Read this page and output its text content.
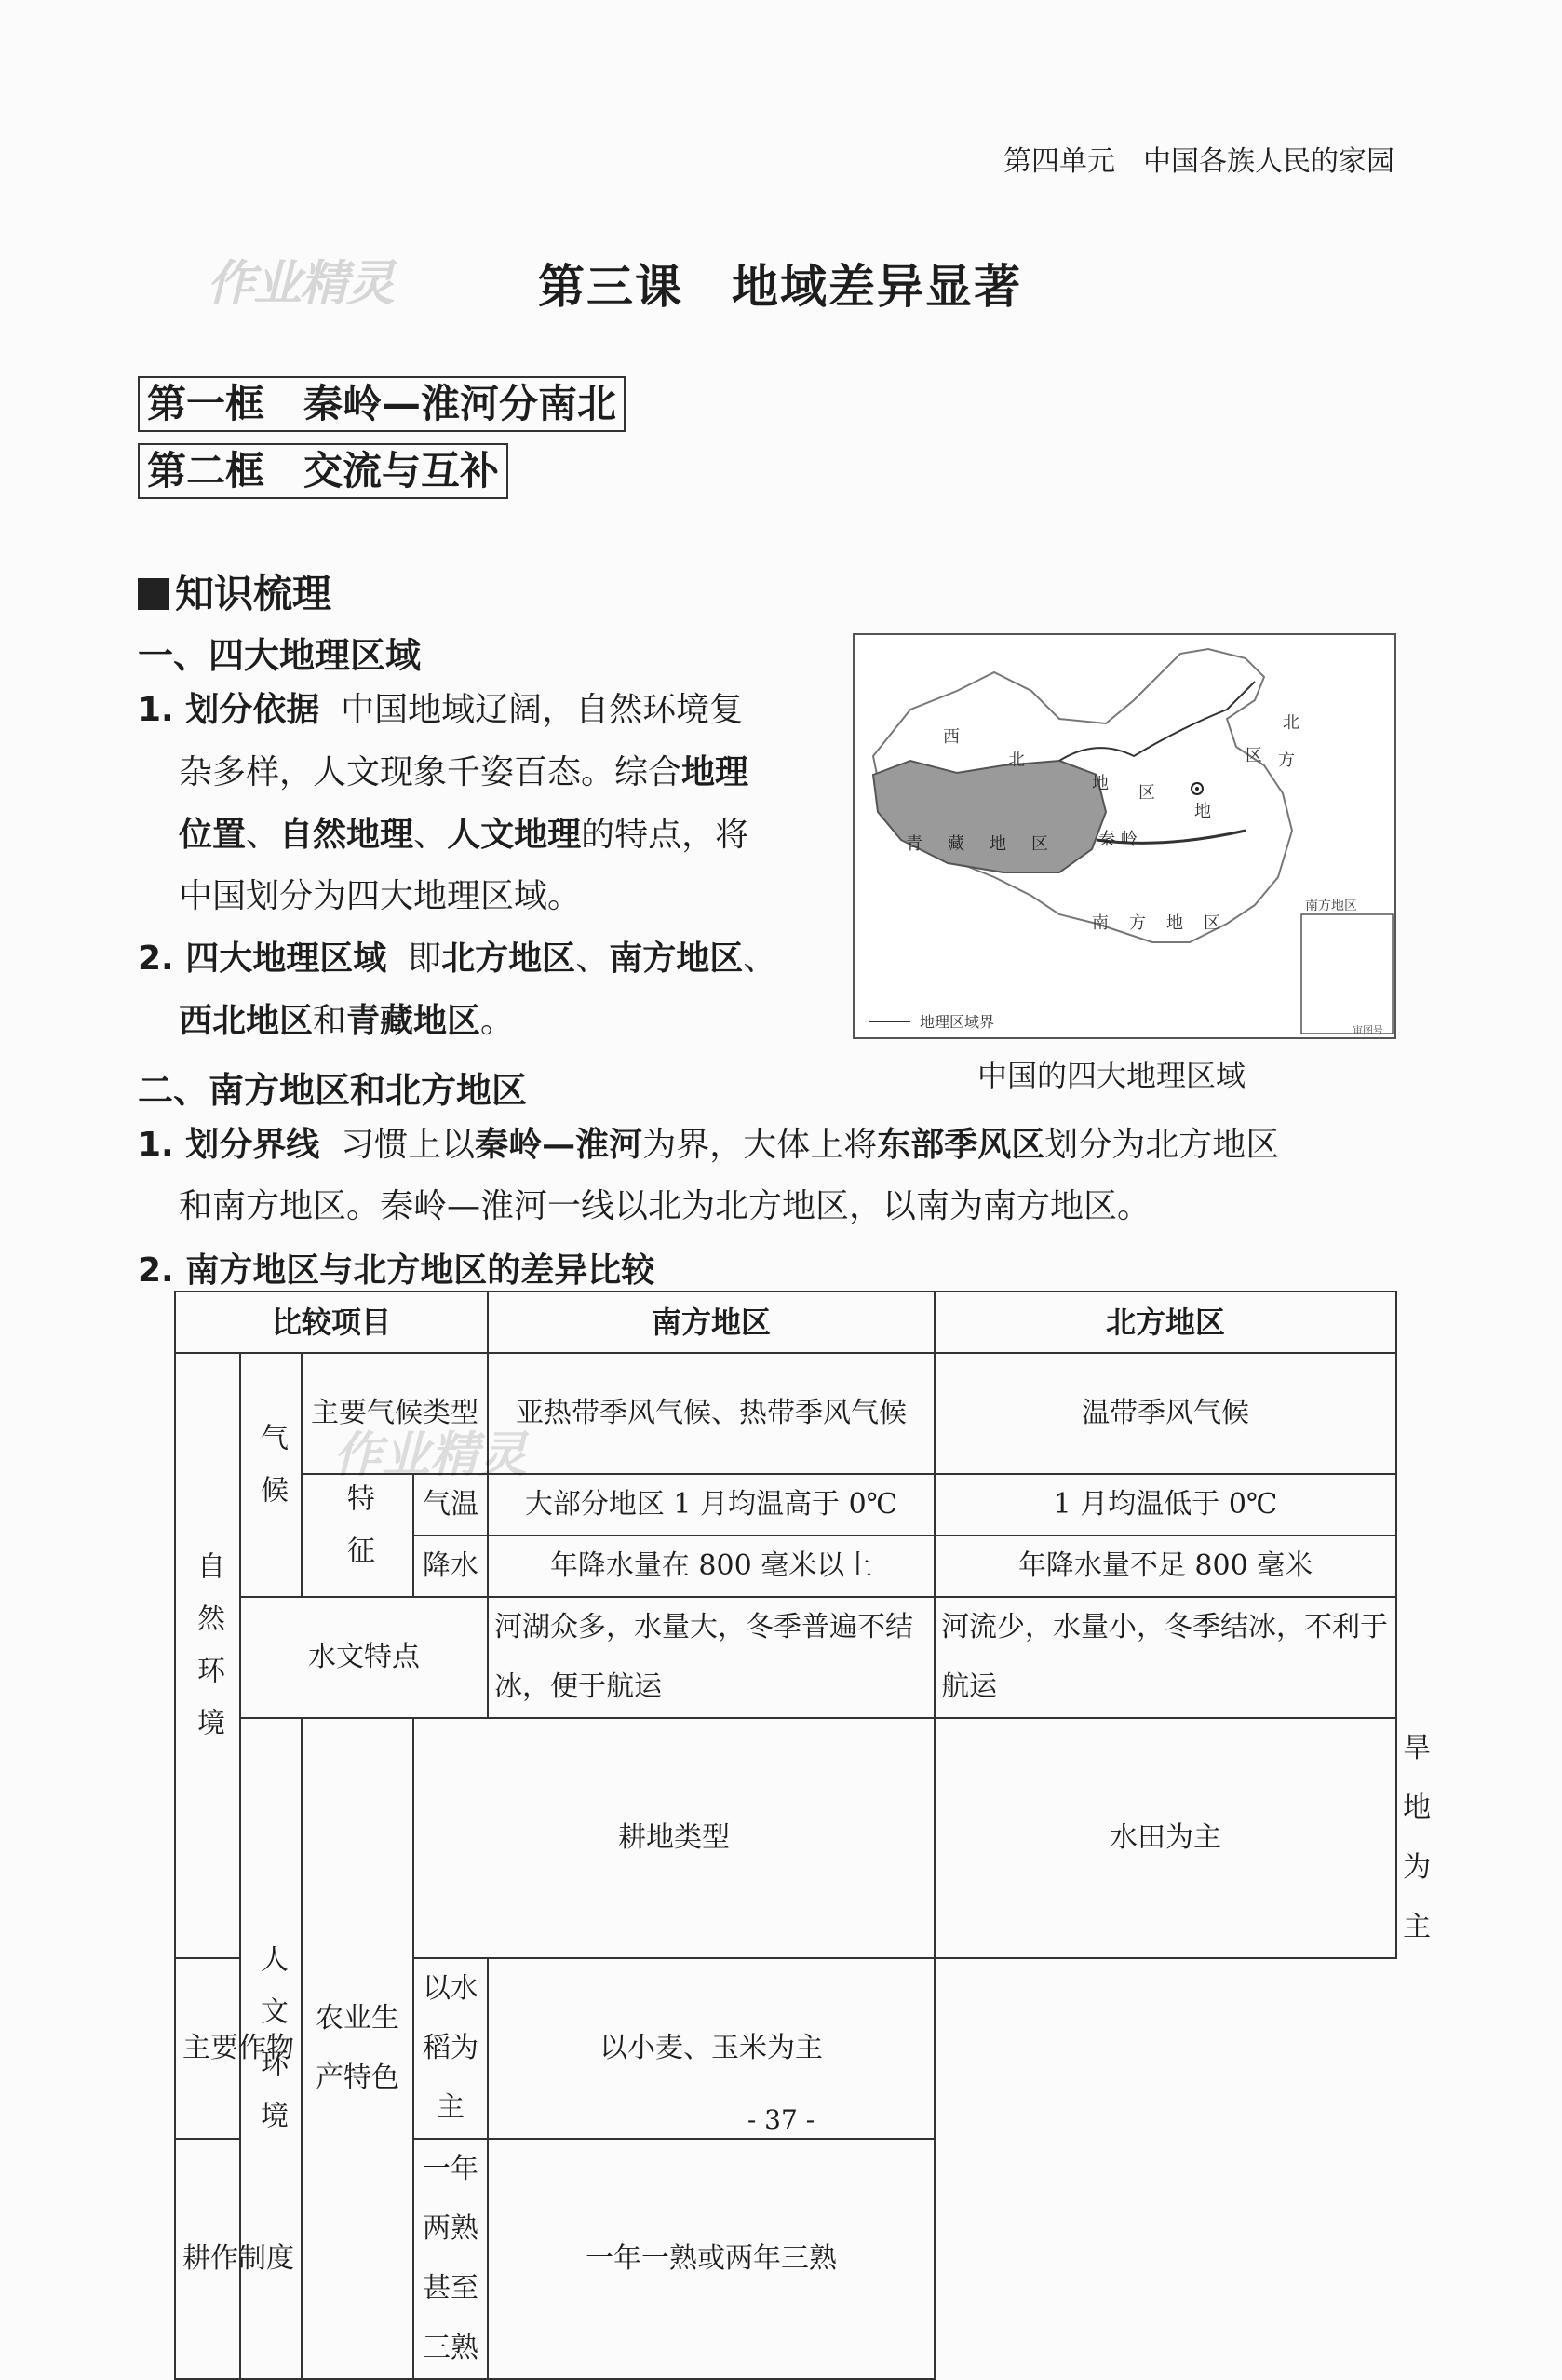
第四单元　中国各族人民的家园
作业精灵	第三课　地域差异显著
第一框　秦岭—淮河分南北
第二框　交流与互补
知识梳理
一、四大地理区域
1. 划分依据 中国地域辽阔，自然环境复
杂多样，人文现象千姿百态。综合地理
位置、自然地理、人文地理的特点，将
中国划分为四大地理区域。
2. 四大地理区域 即北方地区、南方地区、
西北地区和青藏地区。
西
北
地 区
北
区 方
地
青 藏 地 区	秦 岭
南 方 地 区
南方地区
地理区域界	审图号
中国的四大地理区域
二、南方地区和北方地区
1. 划分界线 习惯上以秦岭—淮河为界，大体上将东部季风区划分为北方地区
和南方地区。秦岭—淮河一线以北为北方地区，以南为南方地区。
2. 南方地区与北方地区的差异比较
比较项目				南方地区	北方地区	
自然环境	气候	主要气候类型		亚热带季风气候、热带季风气候	温带季风气候	
		特征	气温	大部分地区 1 月均温高于 0℃	1 月均温低于 0℃	
			降水	年降水量在 800 毫米以上	年降水量不足 800 毫米	
	水文特点			河湖众多，水量大，冬季普遍不结冰，便于航运	河流少，水量小，冬季结冰，不利于航运	
	人文环境	农业生产特色	耕地类型		水田为主	旱地为主
主要作物			以水稻为主	以小麦、玉米为主		
耕作制度			一年两熟甚至三熟	一年一熟或两年三熟		
作业精灵
- 37 -
